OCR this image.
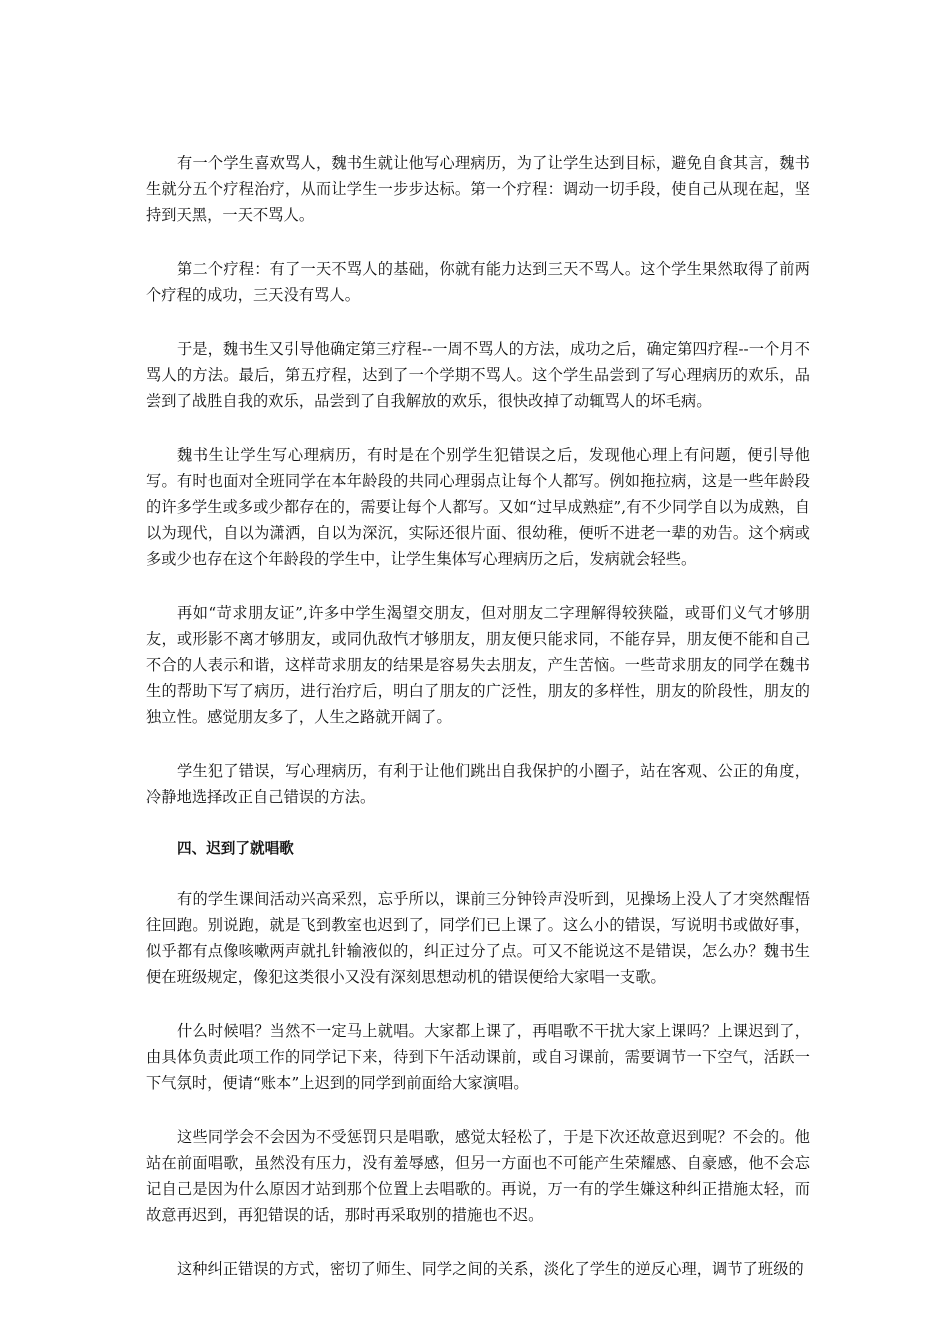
有一个学生喜欢骂人，魏书生就让他写心理病历，为了让学生达到目标，避免自食其言，魏书生就分五个疗程治疗，从而让学生一步步达标。第一个疗程：调动一切手段，使自己从现在起，坚持到天黑，一天不骂人。

第二个疗程：有了一天不骂人的基础，你就有能力达到三天不骂人。这个学生果然取得了前两个疗程的成功，三天没有骂人。

于是，魏书生又引导他确定第三疗程--一周不骂人的方法，成功之后，确定第四疗程--一个月不骂人的方法。最后，第五疗程，达到了一个学期不骂人。这个学生品尝到了写心理病历的欢乐，品尝到了战胜自我的欢乐，品尝到了自我解放的欢乐，很快改掉了动辄骂人的坏毛病。

魏书生让学生写心理病历，有时是在个别学生犯错误之后，发现他心理上有问题，便引导他写。有时也面对全班同学在本年龄段的共同心理弱点让每个人都写。例如拖拉病，这是一些年龄段的许多学生或多或少都存在的，需要让每个人都写。又如“过早成熟症”,有不少同学自以为成熟，自以为现代，自以为潇洒，自以为深沉，实际还很片面、很幼稚，便听不进老一辈的劝告。这个病或多或少也存在这个年龄段的学生中，让学生集体写心理病历之后，发病就会轻些。

再如“苛求朋友证”,许多中学生渴望交朋友，但对朋友二字理解得较狭隘，或哥们义气才够朋友，或形影不离才够朋友，或同仇敌忾才够朋友，朋友便只能求同，不能存异，朋友便不能和自己不合的人表示和谐，这样苛求朋友的结果是容易失去朋友，产生苦恼。一些苛求朋友的同学在魏书生的帮助下写了病历，进行治疗后，明白了朋友的广泛性，朋友的多样性，朋友的阶段性，朋友的独立性。感觉朋友多了，人生之路就开阔了。

学生犯了错误，写心理病历，有利于让他们跳出自我保护的小圈子，站在客观、公正的角度，冷静地选择改正自己错误的方法。

四、迟到了就唱歌

有的学生课间活动兴高采烈，忘乎所以，课前三分钟铃声没听到，见操场上没人了才突然醒悟往回跑。别说跑，就是飞到教室也迟到了，同学们已上课了。这么小的错误，写说明书或做好事，似乎都有点像咳嗽两声就扎针输液似的，纠正过分了点。可又不能说这不是错误，怎么办？魏书生便在班级规定，像犯这类很小又没有深刻思想动机的错误便给大家唱一支歌。

什么时候唱？当然不一定马上就唱。大家都上课了，再唱歌不干扰大家上课吗？上课迟到了，由具体负责此项工作的同学记下来，待到下午活动课前，或自习课前，需要调节一下空气，活跃一下气氛时，便请“账本”上迟到的同学到前面给大家演唱。

这些同学会不会因为不受惩罚只是唱歌，感觉太轻松了，于是下次还故意迟到呢？不会的。他站在前面唱歌，虽然没有压力，没有羞辱感，但另一方面也不可能产生荣耀感、自豪感，他不会忘记自己是因为什么原因才站到那个位置上去唱歌的。再说，万一有的学生嫌这种纠正措施太轻，而故意再迟到，再犯错误的话，那时再采取别的措施也不迟。

这种纠正错误的方式，密切了师生、同学之间的关系，淡化了学生的逆反心理，调节了班级的
